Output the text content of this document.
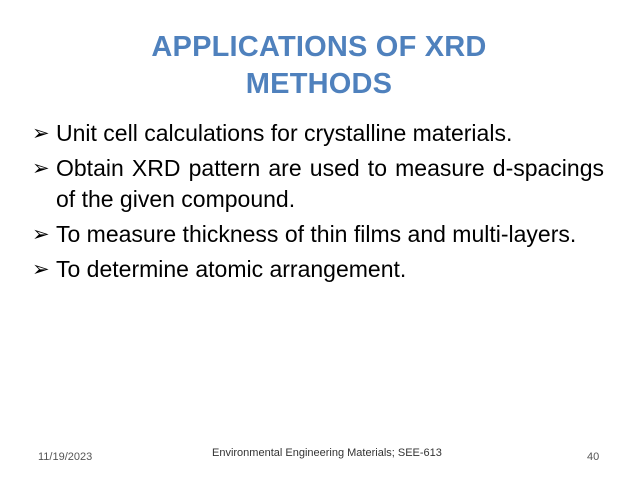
APPLICATIONS OF XRD
METHODS
➢ Unit cell calculations for crystalline materials.
➢ Obtain XRD pattern are used to measure d-spacings of the given compound.
➢ To measure thickness of thin films and multi-layers.
➢ To determine atomic arrangement.
11/19/2023	Environmental Engineering Materials; SEE-613	40
